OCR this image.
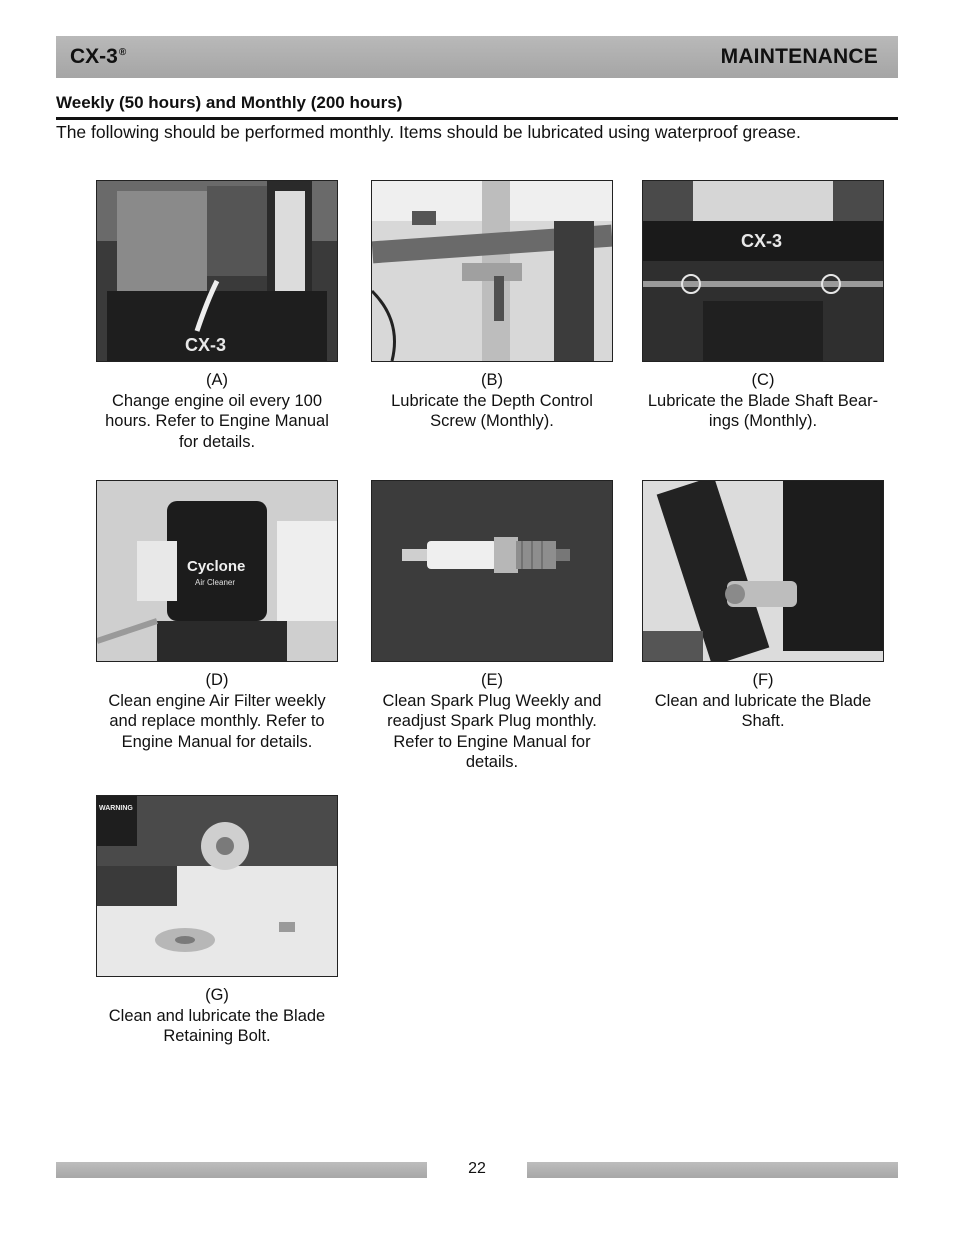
CX-3®	MAINTENANCE
Weekly (50 hours) and Monthly (200 hours)
The following should be performed monthly. Items should be lubricated using waterproof grease.
CX-3
(A)
Change engine oil every 100 hours. Refer to Engine Manual for details.
(B)
Lubricate the Depth Control Screw (Monthly).
CX-3
(C)
Lubricate the Blade Shaft Bear-ings (Monthly).
Cyclone
Air Cleaner
(D)
Clean engine Air Filter weekly and replace monthly. Refer to Engine Manual for details.
(E)
Clean Spark Plug Weekly and readjust Spark Plug monthly. Refer to Engine Manual for details.
(F)
Clean and lubricate the Blade Shaft.
WARNING
(G)
Clean and lubricate the Blade Retaining Bolt.
22
